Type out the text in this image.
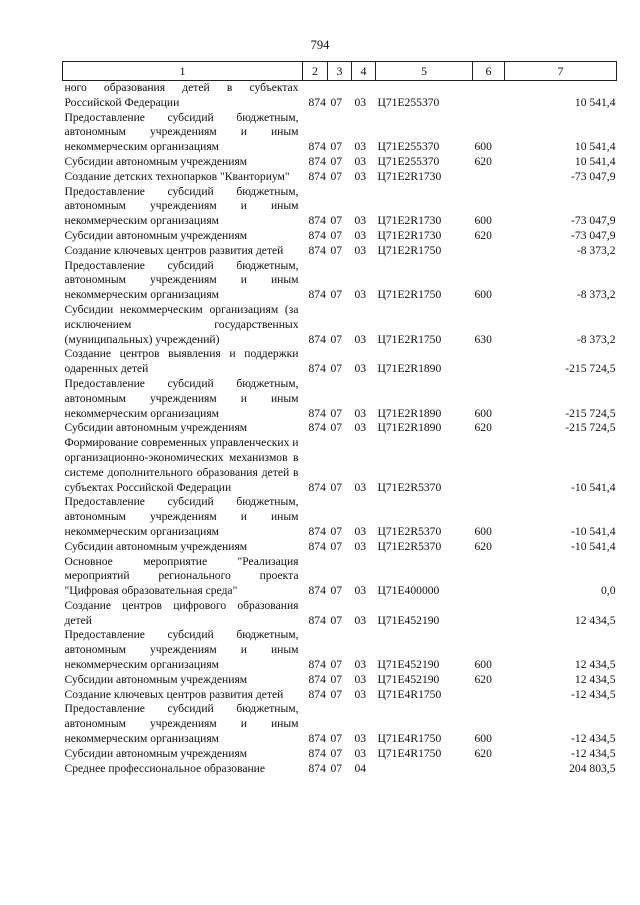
794
1	2	3	4	5	6	7
ного образования детей в субъектах Российской Федерации	874	07	03	Ц71Е255370		10 541,4
Предоставление субсидий бюджетным, автономным учреждениям и иным некоммерческим организациям	874	07	03	Ц71Е255370	600	10 541,4
Субсидии автономным учреждениям	874	07	03	Ц71Е255370	620	10 541,4
Создание детских технопарков "Кванториум"	874	07	03	Ц71Е2R1730		-73 047,9
Предоставление субсидий бюджетным, автономным учреждениям и иным некоммерческим организациям	874	07	03	Ц71Е2R1730	600	-73 047,9
Субсидии автономным учреждениям	874	07	03	Ц71Е2R1730	620	-73 047,9
Создание ключевых центров развития детей	874	07	03	Ц71Е2R1750		-8 373,2
Предоставление субсидий бюджетным, автономным учреждениям и иным некоммерческим организациям	874	07	03	Ц71Е2R1750	600	-8 373,2
Субсидии некоммерческим организациям (за исключением государственных (муниципальных) учреждений)	874	07	03	Ц71Е2R1750	630	-8 373,2
Создание центров выявления и поддержки одаренных детей	874	07	03	Ц71Е2R1890		-215 724,5
Предоставление субсидий бюджетным, автономным учреждениям и иным некоммерческим организациям	874	07	03	Ц71Е2R1890	600	-215 724,5
Субсидии автономным учреждениям	874	07	03	Ц71Е2R1890	620	-215 724,5
Формирование современных управленческих и организационно-экономических механизмов в системе дополнительного образования детей в субъектах Российской Федерации	874	07	03	Ц71Е2R5370		-10 541,4
Предоставление субсидий бюджетным, автономным учреждениям и иным некоммерческим организациям	874	07	03	Ц71Е2R5370	600	-10 541,4
Субсидии автономным учреждениям	874	07	03	Ц71Е2R5370	620	-10 541,4
Основное мероприятие "Реализация мероприятий регионального проекта "Цифровая образовательная среда"	874	07	03	Ц71Е400000		0,0
Создание центров цифрового образования детей	874	07	03	Ц71Е452190		12 434,5
Предоставление субсидий бюджетным, автономным учреждениям и иным некоммерческим организациям	874	07	03	Ц71Е452190	600	12 434,5
Субсидии автономным учреждениям	874	07	03	Ц71Е452190	620	12 434,5
Создание ключевых центров развития детей	874	07	03	Ц71Е4R1750		-12 434,5
Предоставление субсидий бюджетным, автономным учреждениям и иным некоммерческим организациям	874	07	03	Ц71Е4R1750	600	-12 434,5
Субсидии автономным учреждениям	874	07	03	Ц71Е4R1750	620	-12 434,5
Среднее профессиональное образование	874	07	04			204 803,5
